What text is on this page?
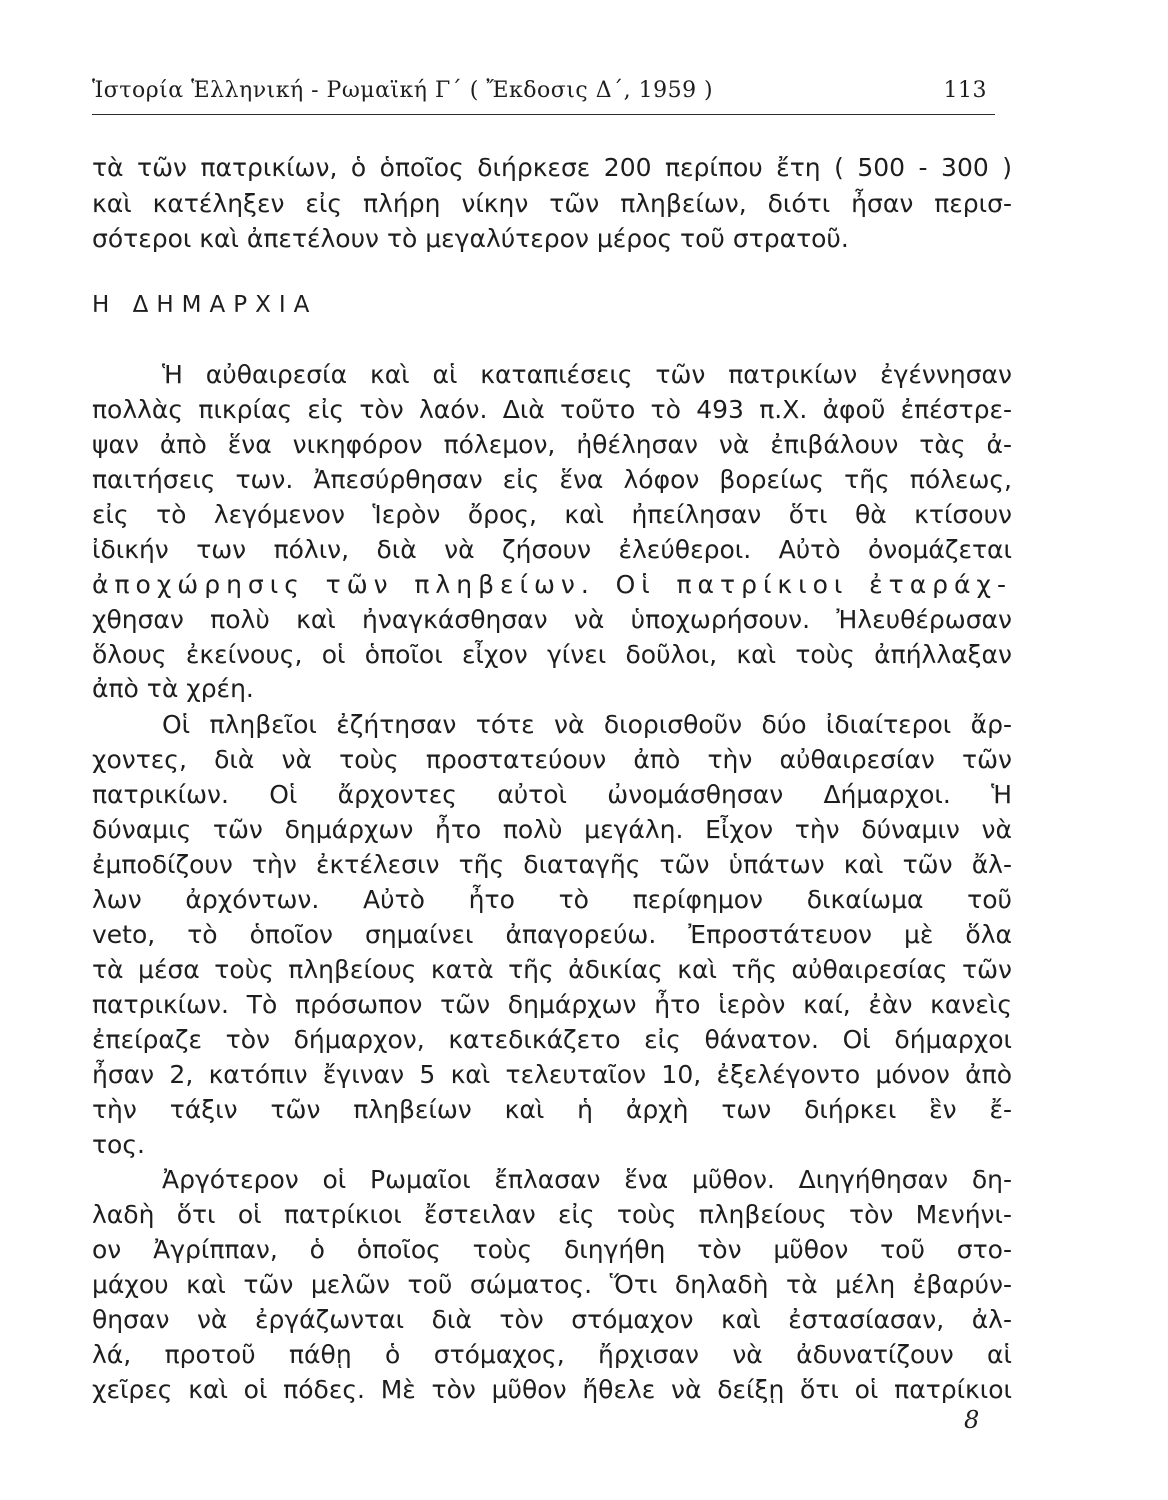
Ἱστορία Ἑλληνική - Ρωμαϊκή Γ΄ ( Ἔκδοσις Δ΄, 1959 )	113
τὰ τῶν πατρικίων, ὁ ὁποῖος διήρκεσε 200 περίπου ἔτη ( 500 - 300 )
καὶ κατέληξεν εἰς πλήρη νίκην τῶν πληβείων, διότι ἦσαν περισ-
σότεροι καὶ ἀπετέλουν τὸ μεγαλύτερον μέρος τοῦ στρατοῦ.
Η ΔΗΜΑΡΧΙΑ
Ἡ αὐθαιρεσία καὶ αἱ καταπιέσεις τῶν πατρικίων ἐγέννησαν
πολλὰς πικρίας εἰς τὸν λαόν. Διὰ τοῦτο τὸ 493 π.Χ. ἀφοῦ ἐπέστρε-
ψαν ἀπὸ ἕνα νικηφόρον πόλεμον, ἠθέλησαν νὰ ἐπιβάλουν τὰς ἀ-
παιτήσεις των. Ἀπεσύρθησαν εἰς ἕνα λόφον βορείως τῆς πόλεως,
εἰς τὸ λεγόμενον Ἱερὸν ὄρος, καὶ ἠπείλησαν ὅτι θὰ κτίσουν
ἰδικήν των πόλιν, διὰ νὰ ζήσουν ἐλεύθεροι. Αὐτὸ ὀνομάζεται
ἀποχώρησις τῶν πληβείων. Οἱ πατρίκιοι ἐταράχ-
χθησαν πολὺ καὶ ἠναγκάσθησαν νὰ ὑποχωρήσουν. Ἠλευθέρωσαν
ὅλους ἐκείνους, οἱ ὁποῖοι εἶχον γίνει δοῦλοι, καὶ τοὺς ἀπήλλαξαν
ἀπὸ τὰ χρέη.
Οἱ πληβεῖοι ἐζήτησαν τότε νὰ διορισθοῦν δύο ἰδιαίτεροι ἄρ-
χοντες, διὰ νὰ τοὺς προστατεύουν ἀπὸ τὴν αὐθαιρεσίαν τῶν
πατρικίων. Οἱ ἄρχοντες αὐτοὶ ὠνομάσθησαν Δήμαρχοι. Ἡ
δύναμις τῶν δημάρχων ἦτο πολὺ μεγάλη. Εἶχον τὴν δύναμιν νὰ
ἐμποδίζουν τὴν ἐκτέλεσιν τῆς διαταγῆς τῶν ὑπάτων καὶ τῶν ἄλ-
λων ἀρχόντων. Αὐτὸ ἦτο τὸ περίφημον δικαίωμα τοῦ
veto, τὸ ὁποῖον σημαίνει ἀπαγορεύω. Ἐπροστάτευον μὲ ὅλα
τὰ μέσα τοὺς πληβείους κατὰ τῆς ἀδικίας καὶ τῆς αὐθαιρεσίας τῶν
πατρικίων. Τὸ πρόσωπον τῶν δημάρχων ἦτο ἱερὸν καί, ἐὰν κανεὶς
ἐπείραζε τὸν δήμαρχον, κατεδικάζετο εἰς θάνατον. Οἱ δήμαρχοι
ἦσαν 2, κατόπιν ἔγιναν 5 καὶ τελευταῖον 10, ἐξελέγοντο μόνον ἀπὸ
τὴν τάξιν τῶν πληβείων καὶ ἡ ἀρχὴ των διήρκει ἓν ἔ-
τος.
Ἀργότερον οἱ Ρωμαῖοι ἔπλασαν ἕνα μῦθον. Διηγήθησαν δη-
λαδὴ ὅτι οἱ πατρίκιοι ἔστειλαν εἰς τοὺς πληβείους τὸν Μενήνι-
ον Ἀγρίππαν, ὁ ὁποῖος τοὺς διηγήθη τὸν μῦθον τοῦ στο-
μάχου καὶ τῶν μελῶν τοῦ σώματος. Ὅτι δηλαδὴ τὰ μέλη ἐβαρύν-
θησαν νὰ ἐργάζωνται διὰ τὸν στόμαχον καὶ ἐστασίασαν, ἀλ-
λά, προτοῦ πάθῃ ὁ στόμαχος, ἤρχισαν νὰ ἀδυνατίζουν αἱ
χεῖρες καὶ οἱ πόδες. Μὲ τὸν μῦθον ἤθελε νὰ δείξῃ ὅτι οἱ πατρίκιοι
8
